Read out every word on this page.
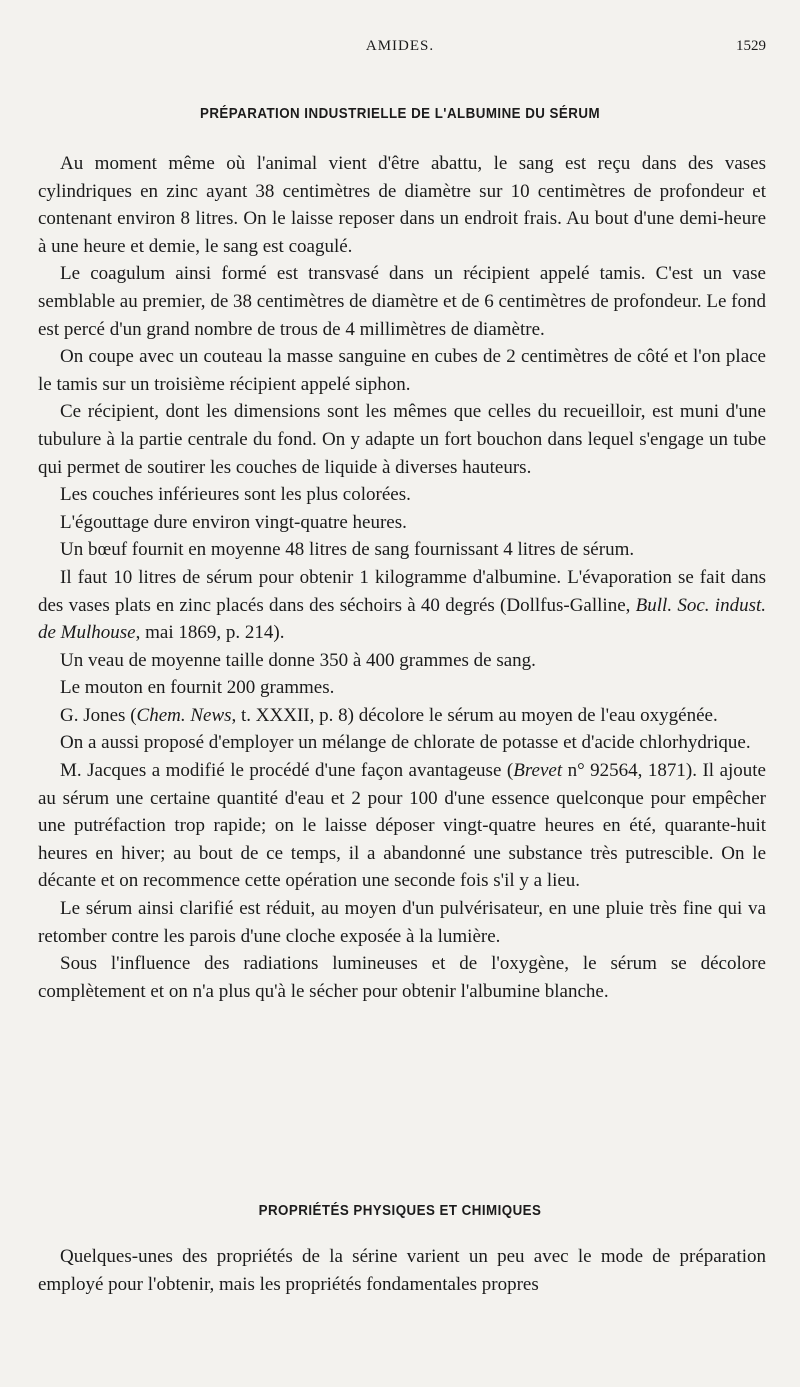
AMIDES.	1529
PRÉPARATION INDUSTRIELLE DE L'ALBUMINE DU SÉRUM

Au moment même où l'animal vient d'être abattu, le sang est reçu dans des vases cylindriques en zinc ayant 38 centimètres de diamètre sur 10 centimètres de profondeur et contenant environ 8 litres. On le laisse reposer dans un endroit frais. Au bout d'une demi-heure à une heure et demie, le sang est coagulé.

Le coagulum ainsi formé est transvasé dans un récipient appelé tamis. C'est un vase semblable au premier, de 38 centimètres de diamètre et de 6 centimètres de profondeur. Le fond est percé d'un grand nombre de trous de 4 millimètres de diamètre.

On coupe avec un couteau la masse sanguine en cubes de 2 centimètres de côté et l'on place le tamis sur un troisième récipient appelé siphon.

Ce récipient, dont les dimensions sont les mêmes que celles du recueilloir, est muni d'une tubulure à la partie centrale du fond. On y adapte un fort bouchon dans lequel s'engage un tube qui permet de soutirer les couches de liquide à diverses hauteurs.

Les couches inférieures sont les plus colorées.

L'égouttage dure environ vingt-quatre heures.

Un bœuf fournit en moyenne 48 litres de sang fournissant 4 litres de sérum.

Il faut 10 litres de sérum pour obtenir 1 kilogramme d'albumine. L'évaporation se fait dans des vases plats en zinc placés dans des séchoirs à 40 degrés (Dollfus-Galline, Bull. Soc. indust. de Mulhouse, mai 1869, p. 214).

Un veau de moyenne taille donne 350 à 400 grammes de sang.

Le mouton en fournit 200 grammes.

G. Jones (Chem. News, t. XXXII, p. 8) décolore le sérum au moyen de l'eau oxygénée.

On a aussi proposé d'employer un mélange de chlorate de potasse et d'acide chlorhydrique.

M. Jacques a modifié le procédé d'une façon avantageuse (Brevet n° 92564, 1871). Il ajoute au sérum une certaine quantité d'eau et 2 pour 100 d'une essence quelconque pour empêcher une putréfaction trop rapide; on le laisse déposer vingt-quatre heures en été, quarante-huit heures en hiver; au bout de ce temps, il a abandonné une substance très putrescible. On le décante et on recommence cette opération une seconde fois s'il y a lieu.

Le sérum ainsi clarifié est réduit, au moyen d'un pulvérisateur, en une pluie très fine qui va retomber contre les parois d'une cloche exposée à la lumière.

Sous l'influence des radiations lumineuses et de l'oxygène, le sérum se décolore complètement et on n'a plus qu'à le sécher pour obtenir l'albumine blanche.

PROPRIÉTÉS PHYSIQUES ET CHIMIQUES

Quelques-unes des propriétés de la sérine varient un peu avec le mode de préparation employé pour l'obtenir, mais les propriétés fondamentales propres
